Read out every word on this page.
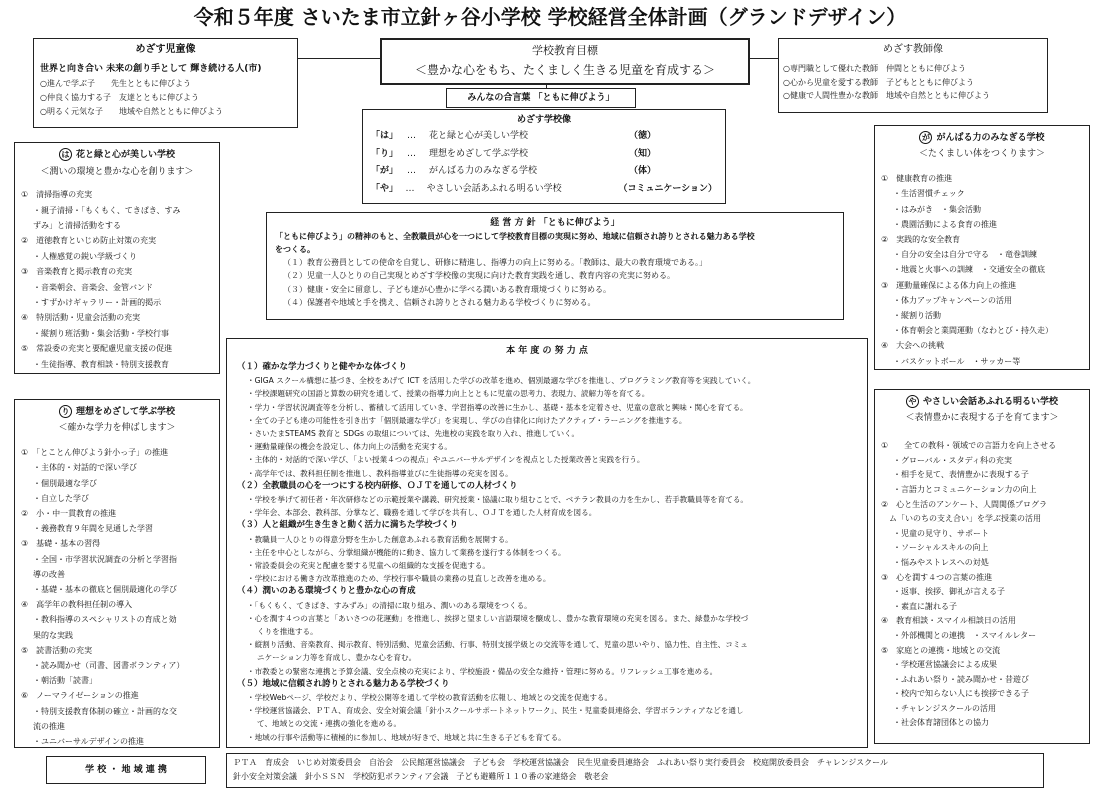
令和５年度 さいたま市立針ヶ谷小学校 学校経営全体計画（グランドデザイン）
めざす児童像
世界と向き合い 未来の創り手として 輝き続ける人(市)
○進んで学ぶ子　　先生とともに伸びよう
○仲良く協力する子　友達とともに伸びよう
○明るく元気な子　　地域や自然とともに伸びよう
学校教育目標
＜豊かな心をもち、たくましく生きる児童を育成する＞
めざす教師像
○専門職として優れた教師　仲間とともに伸びよう
○心から児童を愛する教師　子どもとともに伸びよう
○健康で人間性豊かな教師　地域や自然とともに伸びよう
みんなの合言葉 「ともに伸びよう」
めざす学校像
「は」 …	花と緑と心が美しい学校	（徳）
「り」 …	理想をめざして学ぶ学校	（知）
「が」 …	がんばる力のみなぎる学校	（体）
「や」 …	やさしい会話あふれる明るい学校	（コミュニケーション）
は 花と緑と心が美しい学校
＜潤いの環境と豊かな心を創ります＞
①　清掃指導の充実
・親子清掃・「もくもく、てきぱき、すみ
ずみ」と清掃活動をする
②　道徳教育といじめ防止対策の充実
・人権感覚の鋭い学級づくり
③　音楽教育と掲示教育の充実
・音楽朝会、音楽会、金管バンド
・すずかけギャラリー・計画的掲示
④　特別活動・児童会活動の充実
・縦割り班活動・集会活動・学校行事
⑤　常設委の充実と要配慮児童支援の促進
・生徒指導、教育相談・特別支援教育
り 理想をめざして学ぶ学校
＜確かな学力を伸ばします＞
①　「とことん伸びよう針小っ子」の推進
・主体的・対話的で深い学び
・個別最適な学び
・自立した学び
②　小・中一貫教育の推進
・義務教育９年間を見通した学習
③　基礎・基本の習得
・全国・市学習状況調査の分析と学習指
導の改善
・基礎・基本の徹底と個別最適化の学び
④　高学年の教科担任制の導入
・教科指導のスペシャリストの育成と効
果的な実践
⑤　読書活動の充実
・読み聞かせ（司書、図書ボランティア）
・朝活動「読書」
⑥　ノーマライゼーションの推進
・特別支援教育体制の確立・計画的な交
流の推進
・ユニバーサルデザインの推進
が がんばる力のみなぎる学校
＜たくましい体をつくります＞
①　健康教育の推進
・生活習慣チェック
・はみがき　・集会活動
・農園活動による食育の推進
②　実践的な安全教育
・自分の安全は自分で守る　・竜巻訓練
・地震と火事への訓練　・交通安全の徹底
③　運動量確保による体力向上の推進
・体力アップキャンペーンの活用
・縦割り活動
・体育朝会と業間運動（なわとび・持久走）
④　大会への挑戦
・バスケットボール　・サッカー等
や やさしい会話あふれる明るい学校
＜表情豊かに表現する子を育てます＞
①　　全ての教科・領域での言語力を向上させる
・グローバル・スタディ科の充実
・相手を見て、表情豊かに表現する子
・言語力とコミュニケーション力の向上
②　心と生活のアンケート、人間関係プログラ
ム「いのちの支え合い」を学ぶ授業の活用
・児童の見守り、サポート
・ソーシャルスキルの向上
・悩みやストレスへの対処
③　心を潤す４つの言葉の推進
・返事、挨拶、御礼が言える子
・素直に謝れる子
④　教育相談・スマイル相談日の活用
・外部機関との連携　・スマイルレター
⑤　家庭との連携・地域との交流
・学校運営協議会による成果
・ふれあい祭り・読み聞かせ・昔遊び
・校内で知らない人にも挨拶できる子
・チャレンジスクールの活用
・社会体育諸団体との協力
経 営 方 針 「ともに伸びよう」
「ともに伸びよう」の精神のもと、全教職員が心を一つにして学校教育目標の実現に努め、地域に信頼され誇りとされる魅力ある学校
をつくる。
（１）教育公務員としての使命を自覚し、研修に精進し、指導力の向上に努める。「教師は、最大の教育環境である。」
（２）児童一人ひとりの自己実現とめざす学校像の実現に向けた教育実践を通し、教育内容の充実に努める。
（３）健康・安全に留意し、子ども達が心豊かに学べる潤いある教育環境づくりに努める。
（４）保護者や地域と手を携え、信頼され誇りとされる魅力ある学校づくりに努める。
本 年 度 の 努 力 点
（１）確かな学力づくりと健やかな体づくり
・GIGA スクール構想に基づき、全校をあげて ICT を活用した学びの改革を進め、個別最適な学びを推進し、プログラミング教育等を実践していく。
・学校課題研究の国語と算数の研究を通して、授業の指導力向上とともに児童の思考力、表現力、読解力等を育てる。
・学力・学習状況調査等を分析し、蓄積して活用していき、学習指導の改善に生かし、基礎・基本を定着させ、児童の意欲と興味・関心を育てる。
・全ての子ども達の可能性を引き出す「個別最適な学び」を実現し、学びの自律化に向けたアクティブ・ラーニングを推進する。
・さいたまSTEAMS 教育と SDGs の取組については、先進校の実践を取り入れ、推進していく。
・運動量確保の機会を設定し、体力向上の活動を充実する。
・主体的・対話的で深い学び、「よい授業４つの視点」やユニバーサルデザインを視点とした授業改善と実践を行う。
・高学年では、教科担任制を推進し、教科指導並びに生徒指導の充実を図る。
（２）全教職員の心を一つにする校内研修、ＯＪＴを通しての人材づくり
・学校を挙げて初任者・年次研修などの示範授業や講義、研究授業・協議に取り組むことで、ベテラン教員の力を生かし、若手教職員等を育てる。
・学年会、本部会、教科部、分掌など、職務を通して学びを共有し、ＯＪＴを通した人材育成を図る。
（３）人と組織が生き生きと動く活力に満ちた学校づくり
・教職員一人ひとりの得意分野を生かした創意あふれる教育活動を展開する。
・主任を中心としながら、分掌組織が機能的に動き、協力して業務を遂行する体制をつくる。
・常設委員会の充実と配慮を要する児童への組織的な支援を促進する。
・学校における働き方改革推進のため、学校行事や職員の業務の見直しと改善を進める。
（４）潤いのある環境づくりと豊かな心の育成
・「もくもく、てきぱき、すみずみ」の清掃に取り組み、潤いのある環境をつくる。
・心を潤す４つの言葉と「あいさつの花運動」を推進し、挨拶と望ましい言語環境を醸成し、豊かな教育環境の充実を図る。また、緑豊かな学校づ
くりを推進する。
・縦割り活動、音楽教育、掲示教育、特別活動、児童会活動、行事、特別支援学級との交流等を通して、児童の思いやり、協力性、自主性、コミュ
ニケーション力等を育成し、豊かな心を育む。
・市教委との緊密な連携と予算会議、安全点検の充実により、学校施設・備品の安全な維持・管理に努める。リフレッシュ工事を進める。
（５）地域に信頼され誇りとされる魅力ある学校づくり
・学校Webページ、学校だより、学校公開等を通して学校の教育活動を広報し、地域との交流を促進する。
・学校運営協議会、ＰＴＡ、育成会、安全対策会議「針小スクールサポートネットワーク」、民生・児童委員連絡会、学習ボランティアなどを通し
て、地域との交流・連携の強化を進める。
・地域の行事や活動等に積極的に参加し、地域が好きで、地域と共に生きる子どもを育てる。
学 校 ・ 地 域 連 携
ＰＴＡ　育成会　いじめ対策委員会　自治会　公民館運営協議会　子ども会　学校運営協議会　民生児童委員連絡会　ふれあい祭り実行委員会　校庭開放委員会　チャレンジスクール
針小安全対策会議　針小ＳＳＮ　学校防犯ボランティア会議　子ども避難所１１０番の家連絡会　敬老会
